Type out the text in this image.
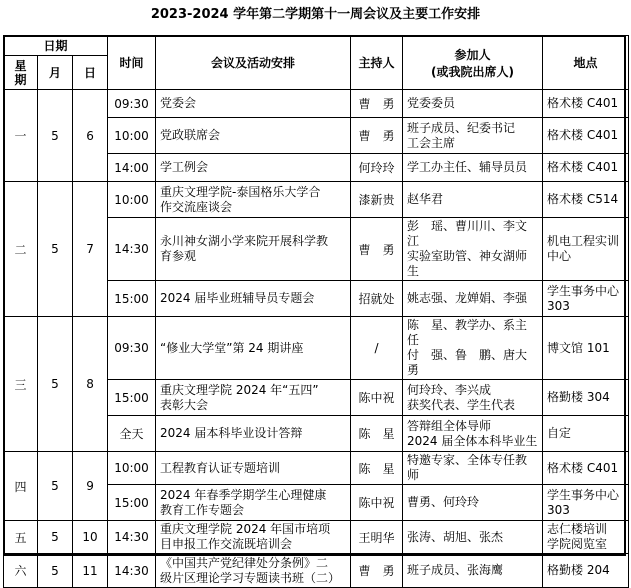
2023-2024 学年第二学期第十一周会议及主要工作安排
日期			时间	会议及活动安排	主持人	参加人
(或我院出席人)	地点
星期	月	日					
一	5	6	09:30	党委会	曹　勇	党委委员	格术楼 C401
			10:00	党政联席会	曹　勇	班子成员、纪委书记
工会主席	格术楼 C401
			14:00	学工例会	何玲玲	学工办主任、辅导员员	格术楼 C401
二	5	7	10:00	重庆文理学院-泰国格乐大学合
作交流座谈会	漆新贵	赵华君	格术楼 C514
			14:30	永川神女湖小学来院开展科学教
育参观	曹　勇	彭　瑶、曹川川、李文江
实验室助管、神女湖师生	机电工程实训
中心
			15:00	2024 届毕业班辅导员专题会	招就处	姚志强、龙婵娟、李强	学生事务中心
303
三	5	8	09:30	“修业大学堂”第 24 期讲座	/	陈　星、教学办、系主任
付　强、鲁　鹏、唐大勇	博文馆 101
			15:00	重庆文理学院 2024 年“五四”
表彰大会	陈中祝	何玲玲、李兴成
获奖代表、学生代表	格勤楼 304
			全天	2024 届本科毕业设计答辩	陈　星	答辩组全体导师
2024 届全体本科毕业生	自定
四	5	9	10:00	工程教育认证专题培训	陈　星	特邀专家、全体专任教师	格术楼 C401
			15:00	2024 年春季学期学生心理健康
教育工作专题会	陈中祝	曹勇、何玲玲	学生事务中心
303
五	5	10	14:30	重庆文理学院 2024 年国市培项
目申报工作交流既培训会	王明华	张涛、胡旭、张杰	志仁楼培训
学院阅览室
六	5	11	14:30	《中国共产党纪律处分条例》二
级片区理论学习专题读书班（二）	曹　勇	班子成员、张海鹰	格勤楼 204
